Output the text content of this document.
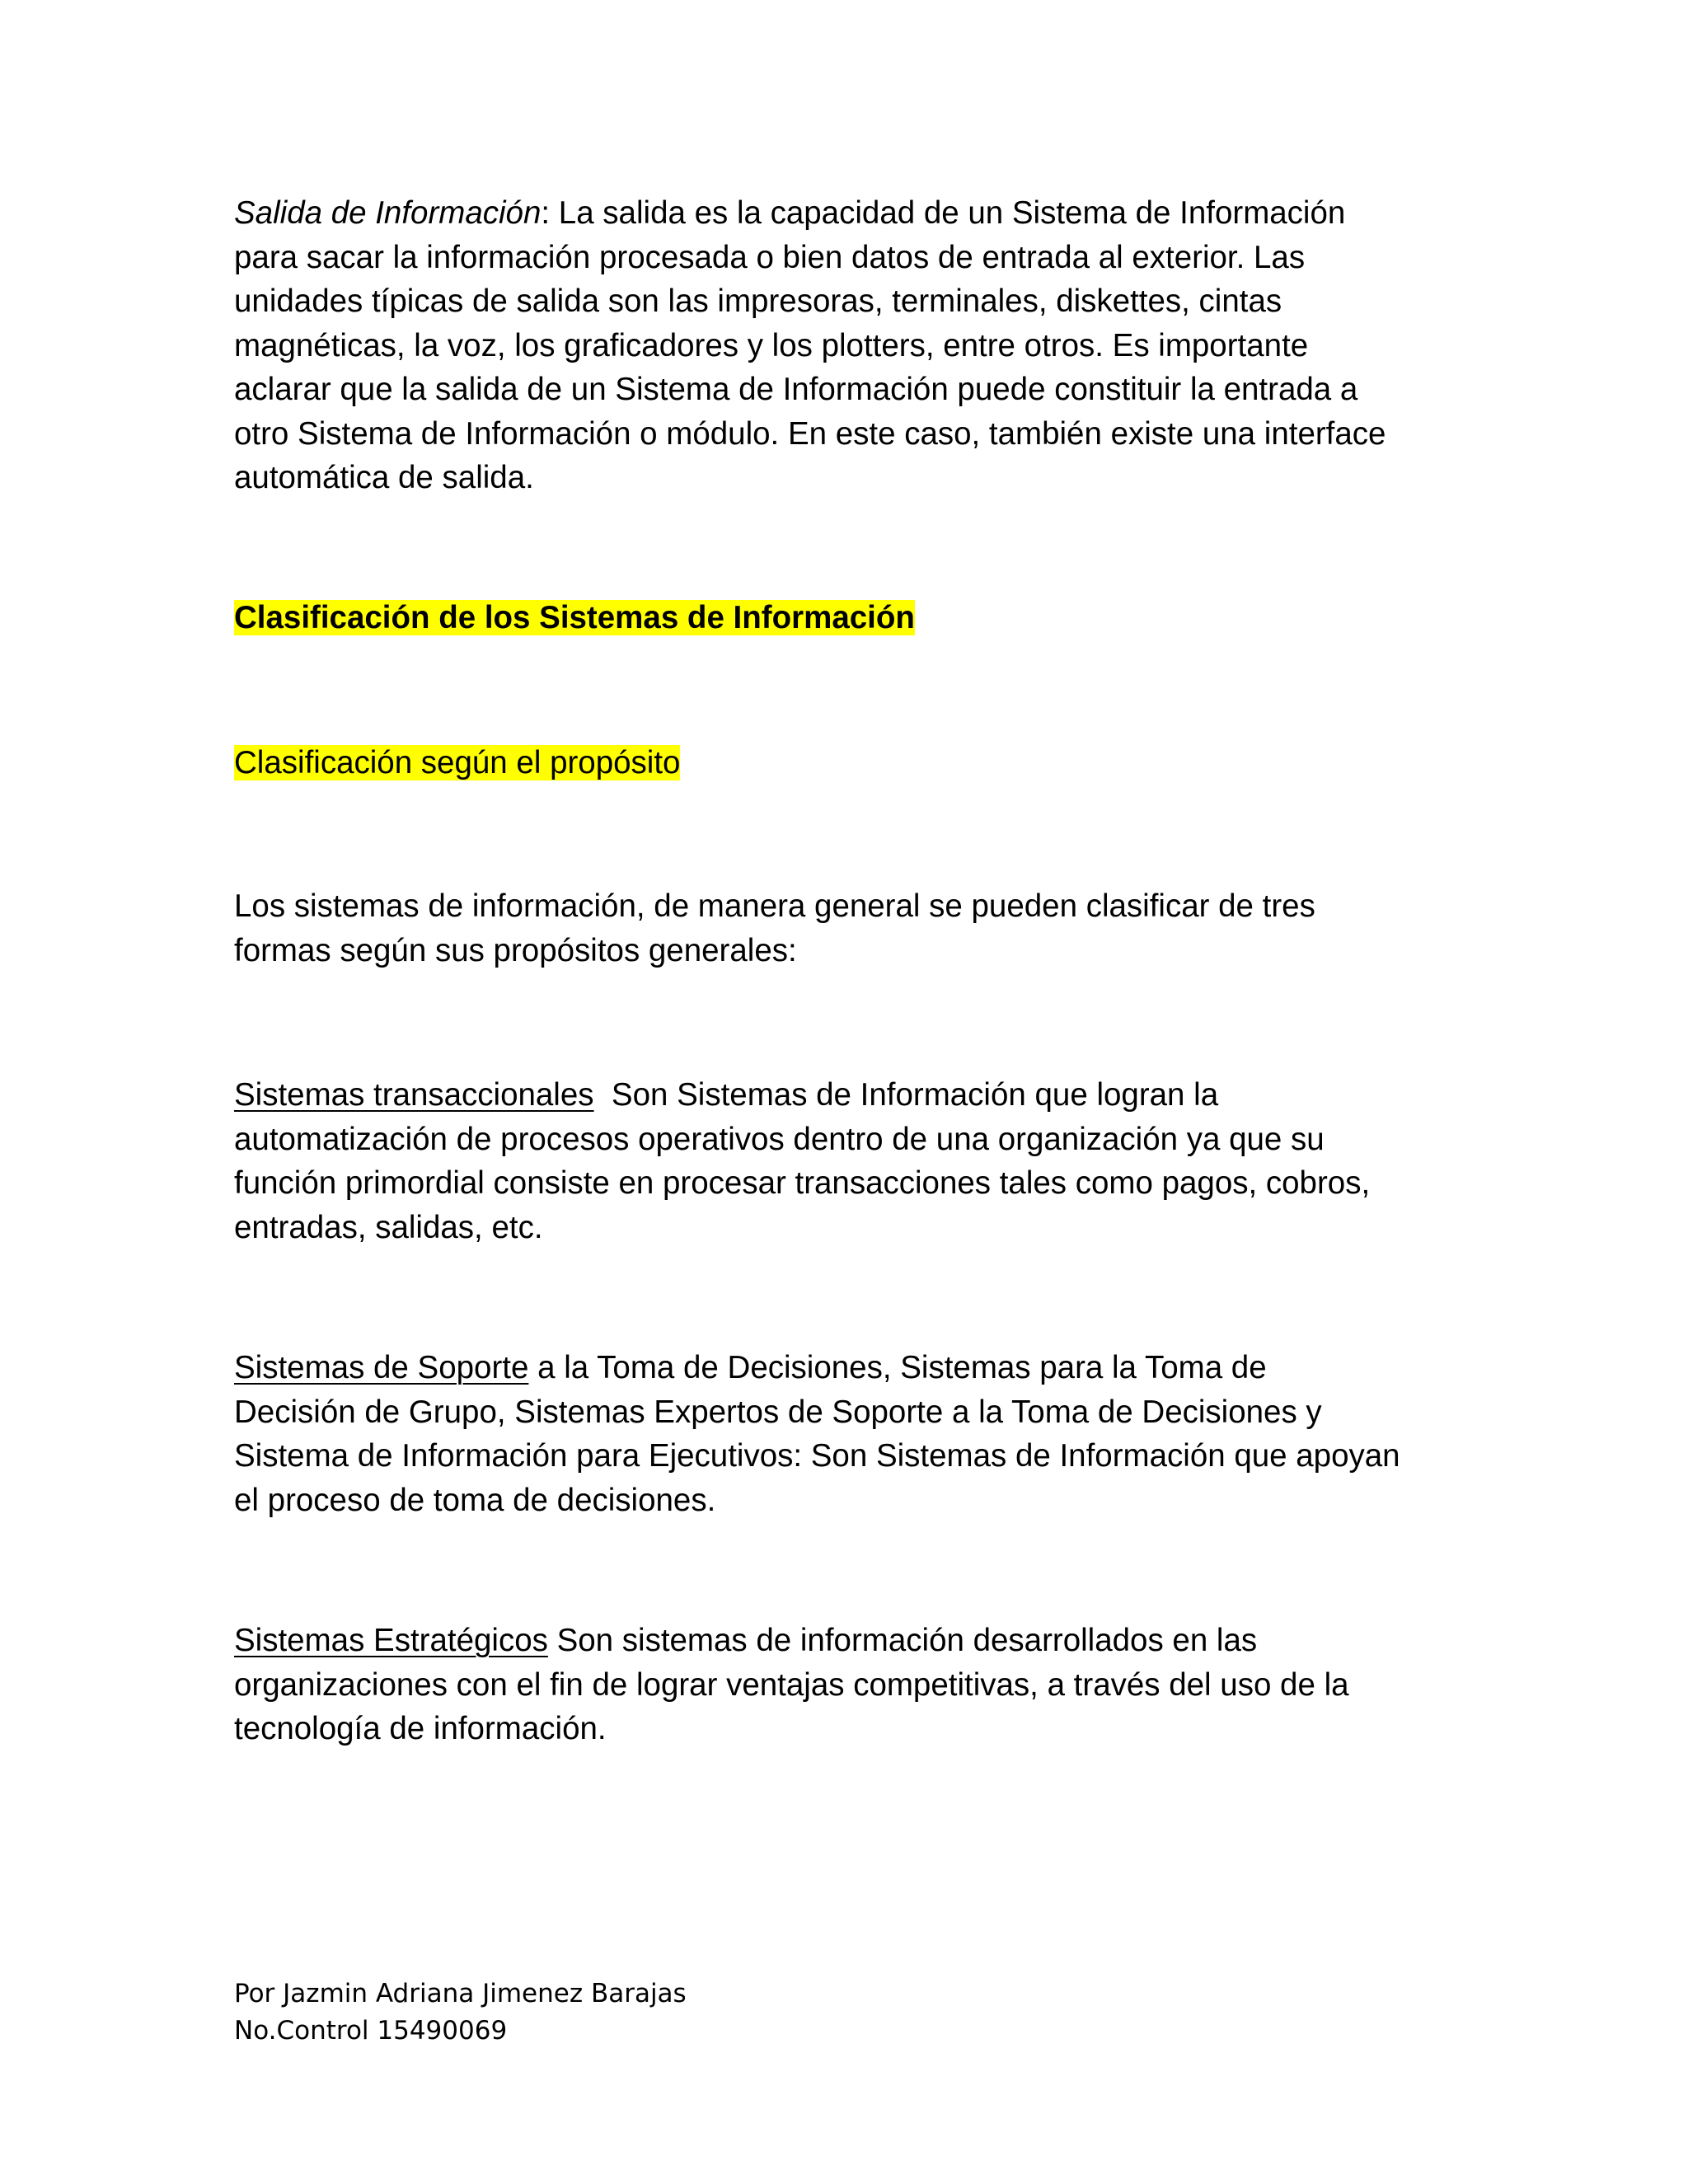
Salida de Información: La salida es la capacidad de un Sistema de Información
para sacar la información procesada o bien datos de entrada al exterior. Las
unidades típicas de salida son las impresoras, terminales, diskettes, cintas
magnéticas, la voz, los graficadores y los plotters, entre otros. Es importante
aclarar que la salida de un Sistema de Información puede constituir la entrada a
otro Sistema de Información o módulo. En este caso, también existe una interface
automática de salida.

Clasificación de los Sistemas de Información

Clasificación según el propósito

Los sistemas de información, de manera general se pueden clasificar de tres
formas según sus propósitos generales:

Sistemas transaccionales  Son Sistemas de Información que logran la
automatización de procesos operativos dentro de una organización ya que su
función primordial consiste en procesar transacciones tales como pagos, cobros,
entradas, salidas, etc.

Sistemas de Soporte a la Toma de Decisiones, Sistemas para la Toma de
Decisión de Grupo, Sistemas Expertos de Soporte a la Toma de Decisiones y
Sistema de Información para Ejecutivos: Son Sistemas de Información que apoyan
el proceso de toma de decisiones.

Sistemas Estratégicos Son sistemas de información desarrollados en las
organizaciones con el fin de lograr ventajas competitivas, a través del uso de la
tecnología de información.

Por Jazmin Adriana Jimenez Barajas
No.Control 15490069
